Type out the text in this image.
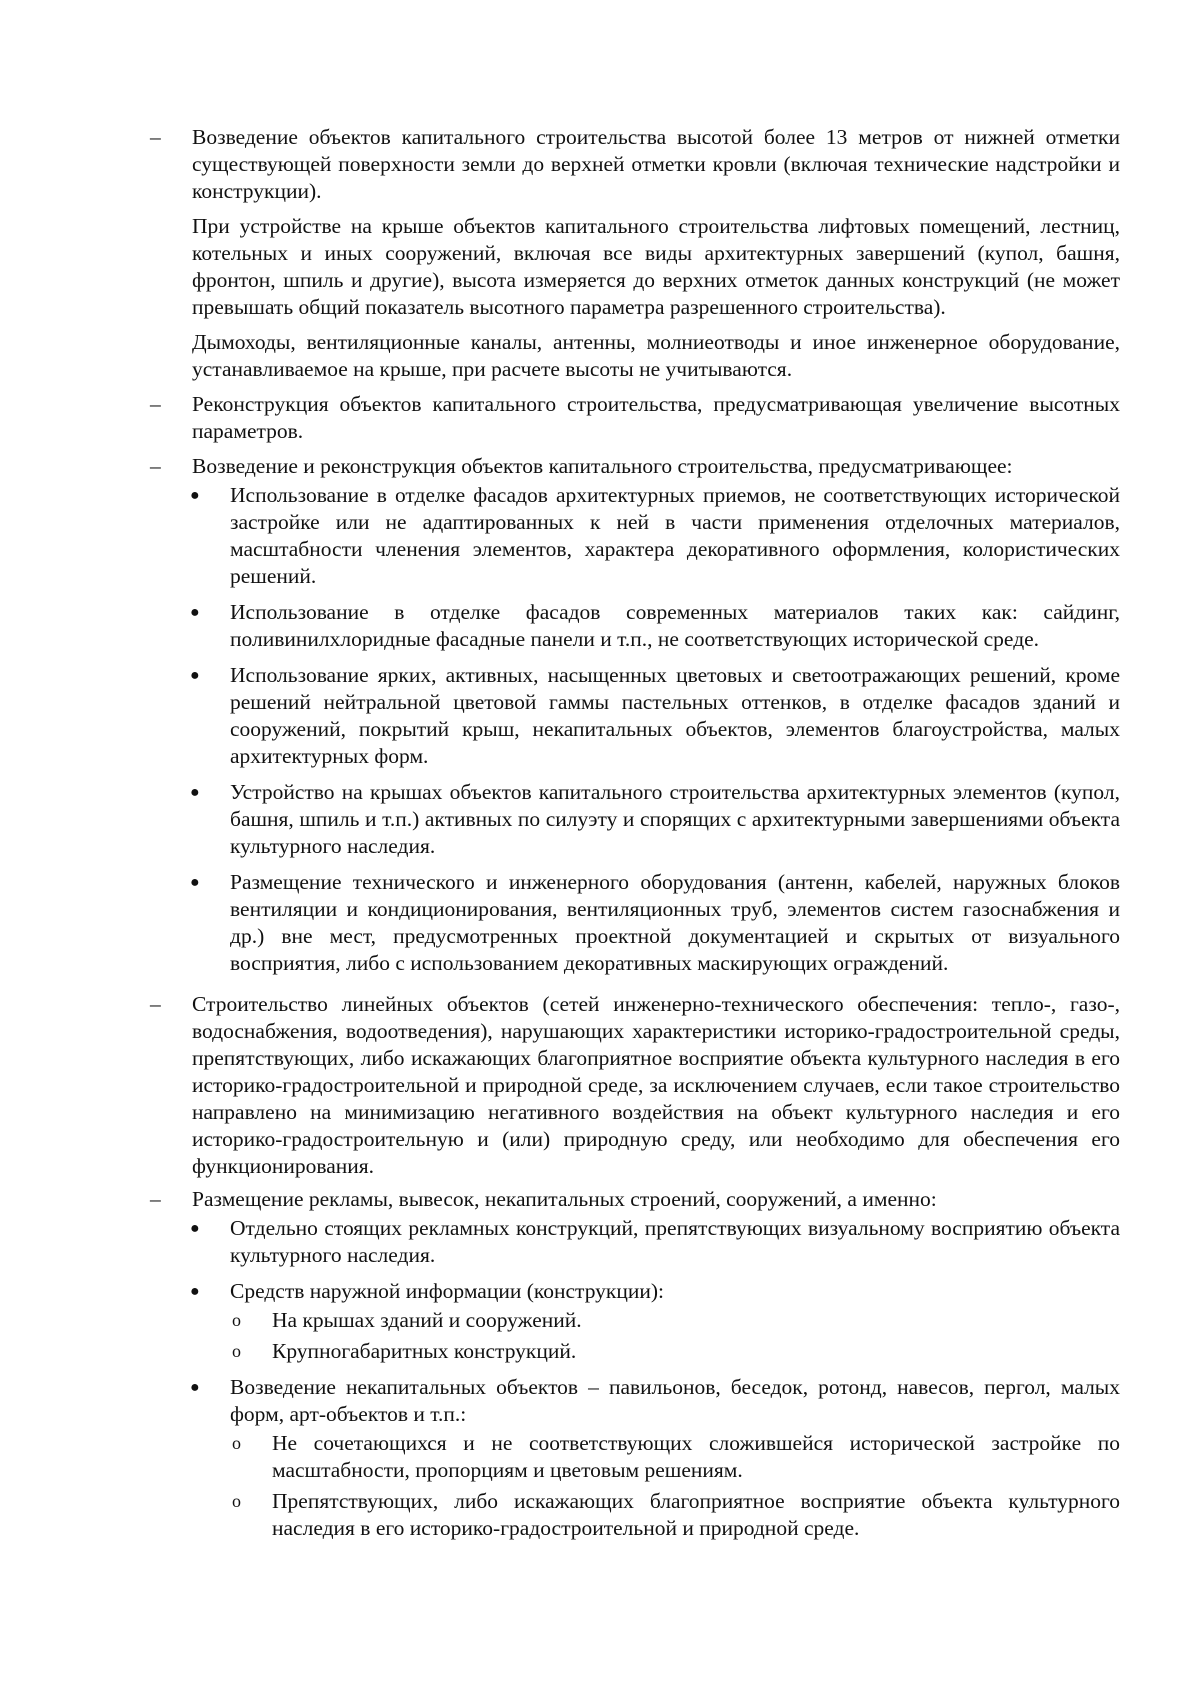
–	Возведение объектов капитального строительства высотой более 13 метров от нижней отметки существующей поверхности земли до верхней отметки кровли (включая технические надстройки и конструкции).

При устройстве на крыше объектов капитального строительства лифтовых помещений, лестниц, котельных и иных сооружений, включая все виды архитектурных завершений (купол, башня, фронтон, шпиль и другие), высота измеряется до верхних отметок данных конструкций (не может превышать общий показатель высотного параметра разрешенного строительства).

Дымоходы, вентиляционные каналы, антенны, молниеотводы и иное инженерное оборудование, устанавливаемое на крыше, при расчете высоты не учитываются.

–	Реконструкция объектов капитального строительства, предусматривающая увеличение высотных параметров.

–	Возведение и реконструкция объектов капитального строительства, предусматривающее:

● Использование в отделке фасадов архитектурных приемов, не соответствующих исторической застройке или не адаптированных к ней в части применения отделочных материалов, масштабности членения элементов, характера декоративного оформления, колористических решений.

● Использование в отделке фасадов современных материалов таких как: сайдинг, поливинилхлоридные фасадные панели и т.п., не соответствующих исторической среде.

● Использование ярких, активных, насыщенных цветовых и светоотражающих решений, кроме решений нейтральной цветовой гаммы пастельных оттенков, в отделке фасадов зданий и сооружений, покрытий крыш, некапитальных объектов, элементов благоустройства, малых архитектурных форм.

● Устройство на крышах объектов капитального строительства архитектурных элементов (купол, башня, шпиль и т.п.) активных по силуэту и спорящих с архитектурными завершениями объекта культурного наследия.

● Размещение технического и инженерного оборудования (антенн, кабелей, наружных блоков вентиляции и кондиционирования, вентиляционных труб, элементов систем газоснабжения и др.) вне мест, предусмотренных проектной документацией и скрытых от визуального восприятия, либо с использованием декоративных маскирующих ограждений.

–	Строительство линейных объектов (сетей инженерно-технического обеспечения: тепло-, газо-, водоснабжения, водоотведения), нарушающих характеристики историко-градостроительной среды, препятствующих, либо искажающих благоприятное восприятие объекта культурного наследия в его историко-градостроительной и природной среде, за исключением случаев, если такое строительство направлено на минимизацию негативного воздействия на объект культурного наследия и его историко-градостроительную и (или) природную среду, или необходимо для обеспечения его функционирования.

–	Размещение рекламы, вывесок, некапитальных строений, сооружений, а именно:

● Отдельно стоящих рекламных конструкций, препятствующих визуальному восприятию объекта культурного наследия.

● Средств наружной информации (конструкции):

o На крышах зданий и сооружений.

o Крупногабаритных конструкций.

● Возведение некапитальных объектов – павильонов, беседок, ротонд, навесов, пергол, малых форм, арт-объектов и т.п.:

o Не сочетающихся и не соответствующих сложившейся исторической застройке по масштабности, пропорциям и цветовым решениям.

o Препятствующих, либо искажающих благоприятное восприятие объекта культурного наследия в его историко-градостроительной и природной среде.
